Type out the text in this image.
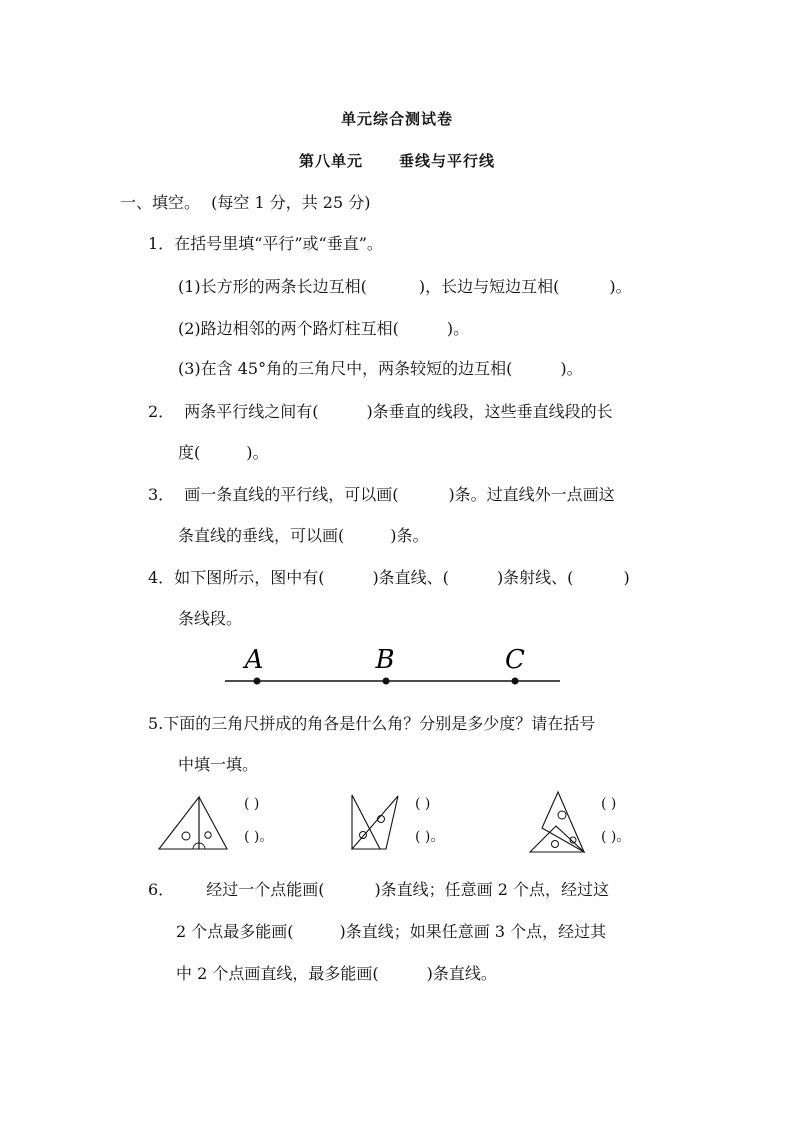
单元综合测试卷
第八单元 垂线与平行线
一、填空。 (每空 1 分，共 25 分)
1．在括号里填“平行”或“垂直”。
(1)长方形的两条长边互相(	)，长边与短边互相(	)。
(2)路边相邻的两个路灯柱互相(	)。
(3)在含 45°角的三角尺中，两条较短的边互相(	)。
2． 两条平行线之间有(	)条垂直的线段，这些垂直线段的长
度(	)。
3． 画一条直线的平行线，可以画(	)条。过直线外一点画这
条直线的垂线，可以画(	)条。
4．如下图所示，图中有(	)条直线、(	)条射线、(	)
条线段。
A	B	C
5.下面的三角尺拼成的角各是什么角？分别是多少度？请在括号
中填一填。
( )
( )。
( )
( )。
( )
( )。
6． 经过一个点能画(	)条直线；任意画 2 个点，经过这
2 个点最多能画(	)条直线；如果任意画 3 个点，经过其
中 2 个点画直线，最多能画(	)条直线。
